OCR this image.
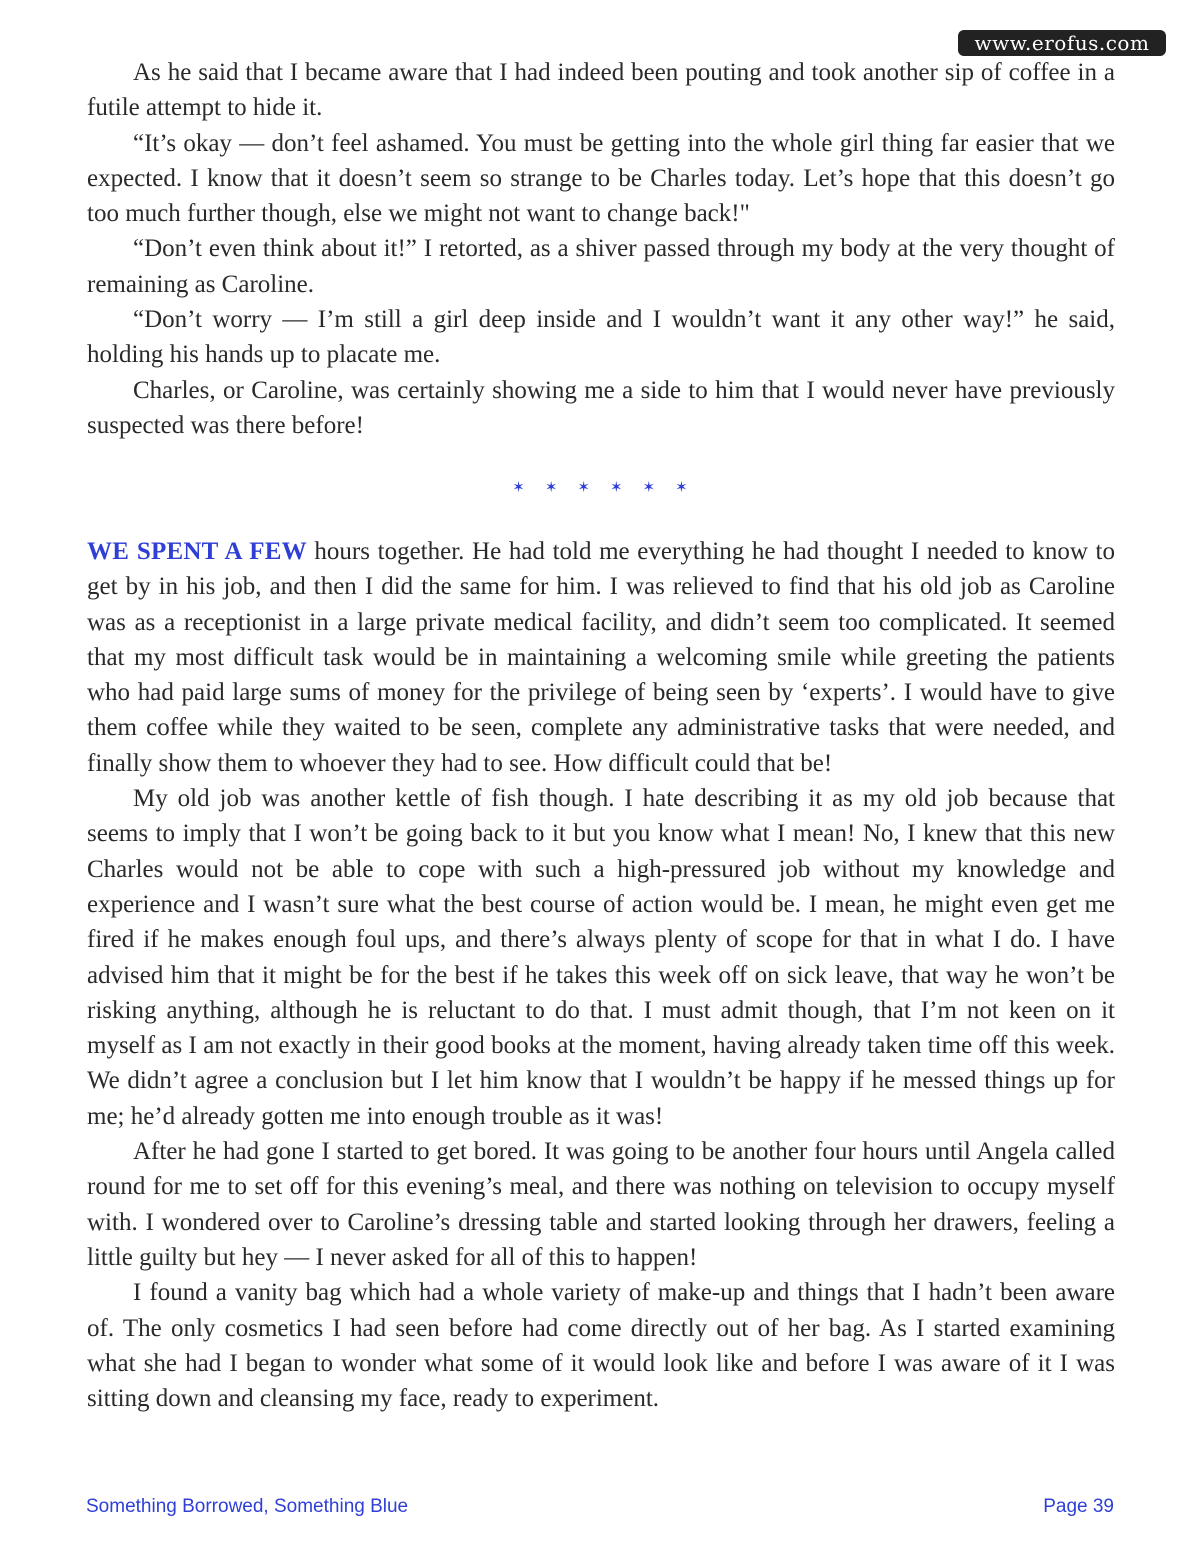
www.erofus.com

As he said that I became aware that I had indeed been pouting and took another sip of coffee in a futile attempt to hide it.

“It’s okay — don’t feel ashamed. You must be getting into the whole girl thing far easier that we expected. I know that it doesn’t seem so strange to be Charles today. Let’s hope that this doesn’t go too much further though, else we might not want to change back!"

“Don’t even think about it!” I retorted, as a shiver passed through my body at the very thought of remaining as Caroline.

“Don’t worry — I’m still a girl deep inside and I wouldn’t want it any other way!” he said, holding his hands up to placate me.

Charles, or Caroline, was certainly showing me a side to him that I would never have previously suspected was there before!

✶✶✶✶✶✶

WE SPENT A FEW hours together. He had told me everything he had thought I needed to know to get by in his job, and then I did the same for him. I was relieved to find that his old job as Caroline was as a receptionist in a large private medical facility, and didn’t seem too complicated. It seemed that my most difficult task would be in maintaining a welcoming smile while greeting the patients who had paid large sums of money for the privilege of being seen by ‘experts’. I would have to give them coffee while they waited to be seen, complete any administrative tasks that were needed, and finally show them to whoever they had to see. How difficult could that be!

My old job was another kettle of fish though. I hate describing it as my old job because that seems to imply that I won’t be going back to it but you know what I mean! No, I knew that this new Charles would not be able to cope with such a high-pressured job without my knowledge and experience and I wasn’t sure what the best course of action would be. I mean, he might even get me fired if he makes enough foul ups, and there’s always plenty of scope for that in what I do. I have advised him that it might be for the best if he takes this week off on sick leave, that way he won’t be risking anything, although he is reluctant to do that. I must admit though, that I’m not keen on it myself as I am not exactly in their good books at the moment, having already taken time off this week. We didn’t agree a conclusion but I let him know that I wouldn’t be happy if he messed things up for me; he’d already gotten me into enough trouble as it was!

After he had gone I started to get bored. It was going to be another four hours until Angela called round for me to set off for this evening’s meal, and there was nothing on television to occupy myself with. I wondered over to Caroline’s dressing table and started looking through her drawers, feeling a little guilty but hey — I never asked for all of this to happen!

I found a vanity bag which had a whole variety of make-up and things that I hadn’t been aware of. The only cosmetics I had seen before had come directly out of her bag. As I started examining what she had I began to wonder what some of it would look like and before I was aware of it I was sitting down and cleansing my face, ready to experiment.

Something Borrowed, Something Blue	Page 39
